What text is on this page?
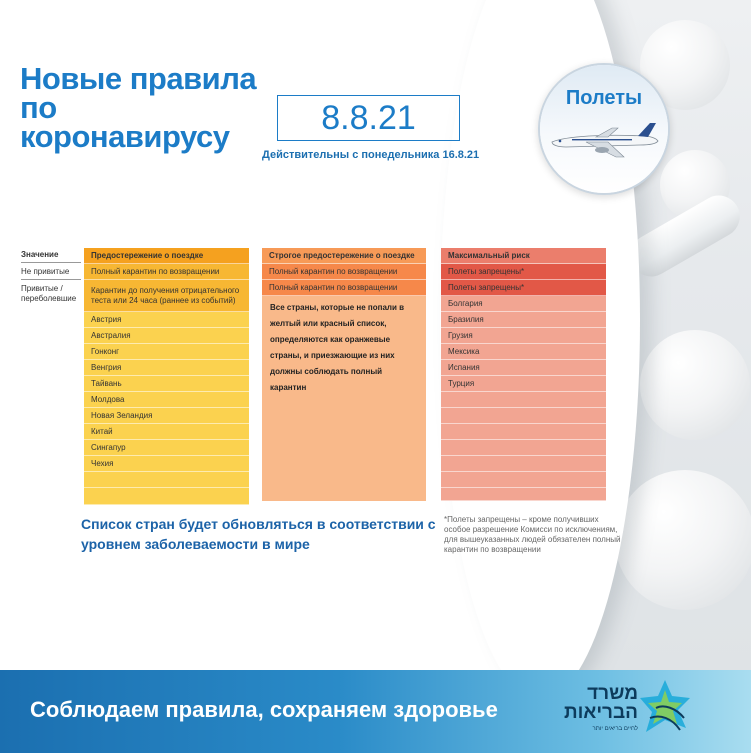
Новые правила по коронавирусу	8.8.21
Действительны с понедельника 16.8.21
Полеты
Значение
Не привитые
Привитые /переболевшие
Предостережение о поездке
Полный карантин по возвращении
Карантин до получения отрицательного теста или 24 часа (раннее из событий)
Австрия
Австралия
Гонконг
Венгрия
Тайвань
Молдова
Новая Зеландия
Китай
Сингапур
Чехия
Строгое предостережение о поездке
Полный карантин по возвращении
Полный карантин по возвращении
Все страны, которые не попали в желтый или красный список, определяются как оранжевые страны, и приезжающие из них должны соблюдать полный карантин
Максимальный риск
Полеты запрещены*
Полеты запрещены*
Болгария
Бразилия
Грузия
Мексика
Испания
Турция
Список стран будет обновляться в соответствии с уровнем заболеваемости в мире
*Полеты запрещены – кроме получивших особое разрешение Комисси по исключениям, для вышеуказанных людей обязателен полный карантин по возвращении
Соблюдаем правила, сохраняем здоровье
משרד
הבריאות
לחיים בריאים יותר
